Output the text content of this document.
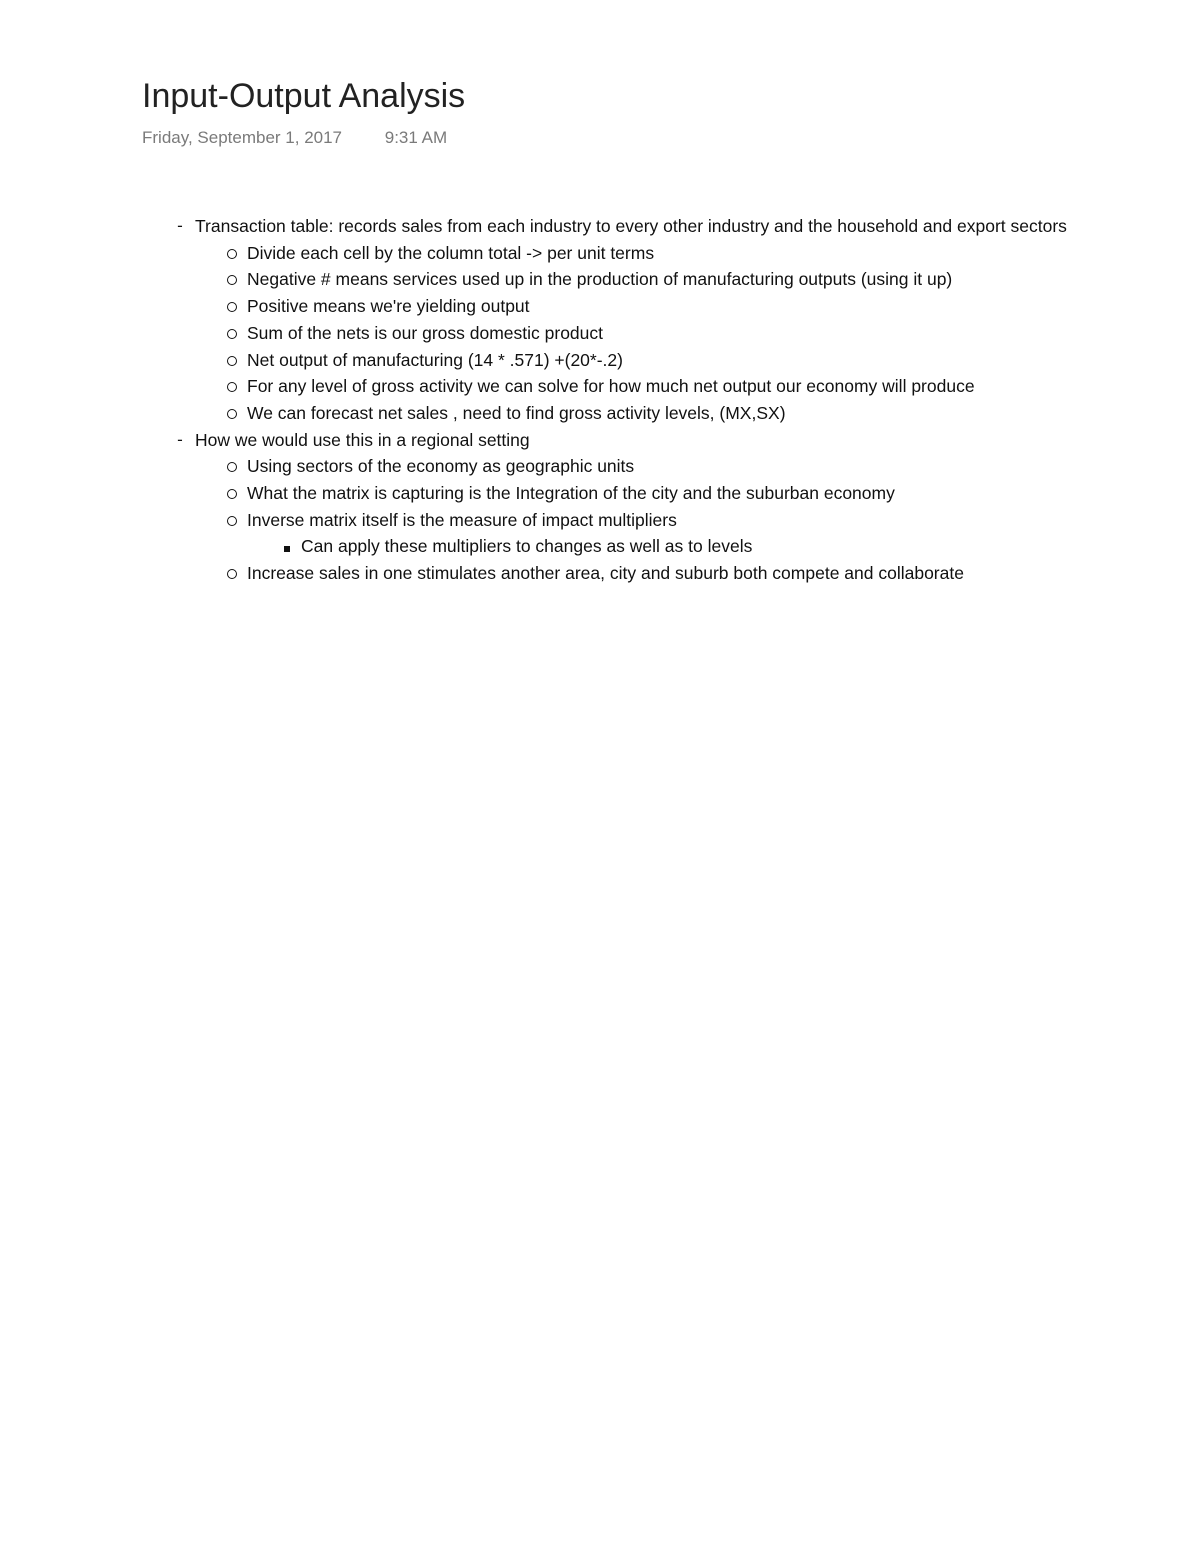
Input-Output Analysis
Friday, September 1, 2017	9:31 AM
- Transaction table: records sales from each industry to every other industry and the household and export sectors
Divide each cell by the column total -> per unit terms
Negative # means services used up in the production of manufacturing outputs (using it up)
Positive means we're yielding output
Sum of the nets is our gross domestic product
Net output of manufacturing (14 * .571) +(20*-.2)
For any level of gross activity we can solve for how much net output our economy will produce
We can forecast net sales , need to find gross activity levels, (MX,SX)
- How we would use this in a regional setting
Using sectors of the economy as geographic units
What the matrix is capturing is the Integration of the city and the suburban economy
Inverse matrix itself is the measure of impact multipliers
Can apply these multipliers to changes as well as to levels
Increase sales in one stimulates another area, city and suburb both compete and collaborate
